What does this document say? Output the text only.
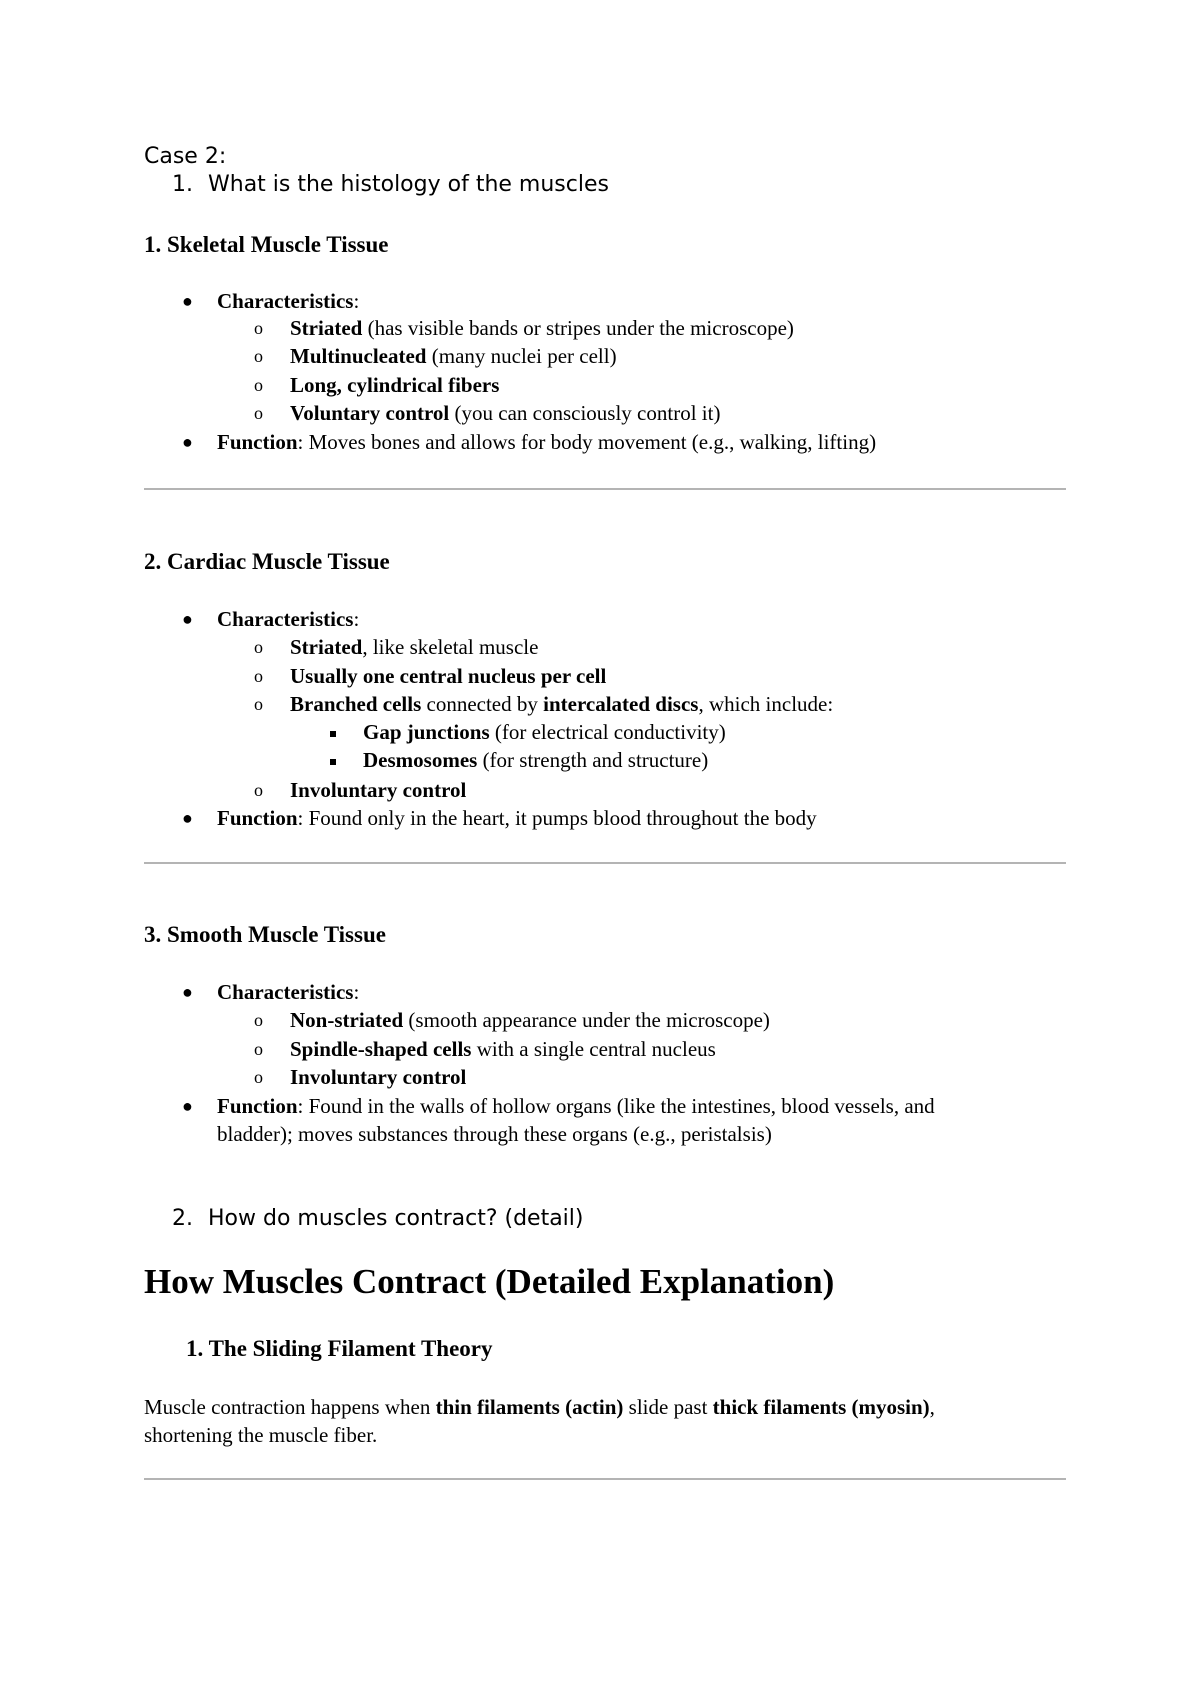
Case 2:
1. What is the histology of the muscles
1. Skeletal Muscle Tissue
● Characteristics:
o Striated (has visible bands or stripes under the microscope)
o Multinucleated (many nuclei per cell)
o Long, cylindrical fibers
o Voluntary control (you can consciously control it)
● Function: Moves bones and allows for body movement (e.g., walking, lifting)
2. Cardiac Muscle Tissue
● Characteristics:
o Striated, like skeletal muscle
o Usually one central nucleus per cell
o Branched cells connected by intercalated discs, which include:
Gap junctions (for electrical conductivity)
Desmosomes (for strength and structure)
o Involuntary control
● Function: Found only in the heart, it pumps blood throughout the body
3. Smooth Muscle Tissue
● Characteristics:
o Non-striated (smooth appearance under the microscope)
o Spindle-shaped cells with a single central nucleus
o Involuntary control
● Function: Found in the walls of hollow organs (like the intestines, blood vessels, and
bladder); moves substances through these organs (e.g., peristalsis)
2. How do muscles contract? (detail)
How Muscles Contract (Detailed Explanation)
1. The Sliding Filament Theory
Muscle contraction happens when thin filaments (actin) slide past thick filaments (myosin),
shortening the muscle fiber.
